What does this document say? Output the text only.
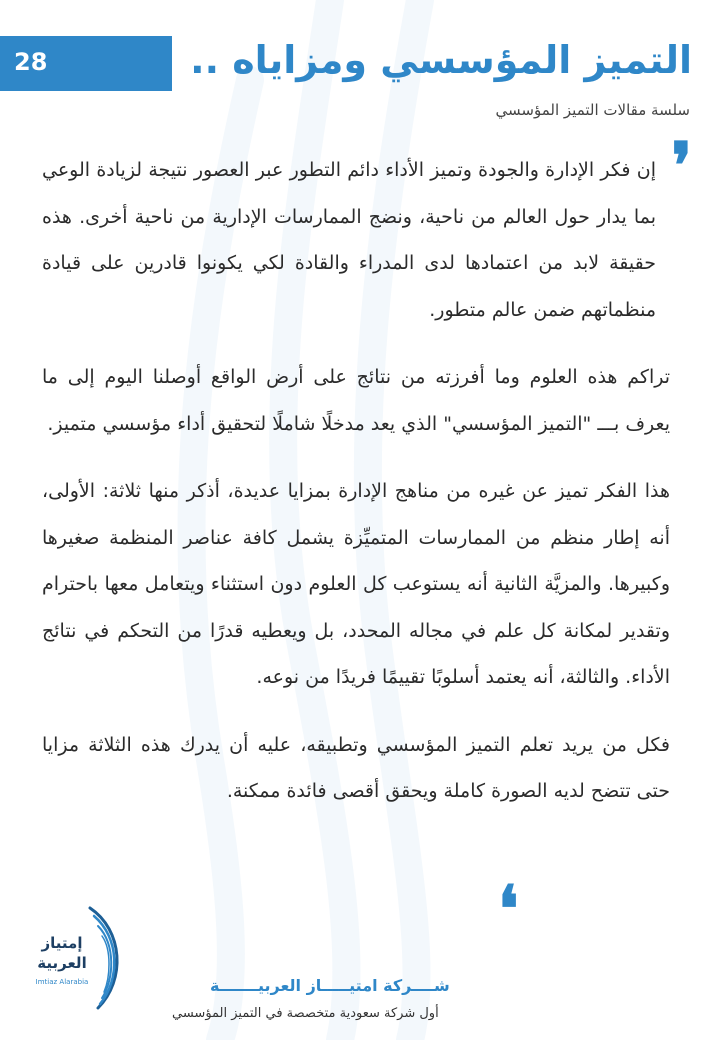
28	التميز المؤسسي ومزاياه ..
سلسة مقالات التميز المؤسسي
❜

إن فكر الإدارة والجودة وتميز الأداء دائم التطور عبر العصور نتيجة لزيادة الوعي بما يدار حول العالم من ناحية، ونضج الممارسات الإدارية من ناحية أخرى. هذه حقيقة لابد من اعتمادها لدى المدراء والقادة لكي يكونوا قادرين على قيادة منظماتهم ضمن عالم متطور.

تراكم هذه العلوم وما أفرزته من نتائج على أرض الواقع أوصلنا اليوم إلى ما يعرف بـــ "التميز المؤسسي" الذي يعد مدخلًا شاملًا لتحقيق أداء مؤسسي متميز.

هذا الفكر تميز عن غيره من مناهج الإدارة بمزايا عديدة، أذكر منها ثلاثة: الأولى، أنه إطار منظم من الممارسات المتميِّزة يشمل كافة عناصر المنظمة صغيرها وكبيرها. والمزيَّة الثانية أنه يستوعب كل العلوم دون استثناء ويتعامل معها باحترام وتقدير لمكانة كل علم في مجاله المحدد، بل ويعطيه قدرًا من التحكم في نتائج الأداء. والثالثة، أنه يعتمد أسلوبًا تقييمًا فريدًا من نوعه.

فكل من يريد تعلم التميز المؤسسي وتطبيقه، عليه أن يدرك هذه الثلاثة مزايا حتى تتضح لديه الصورة كاملة ويحقق أقصى فائدة ممكنة.

❛
إمتياز
العربية
Imtiaz Alarabia	شــــركة امتيـــــاز العربيـــــــة
أول شركة سعودية متخصصة في التميز المؤسسي
